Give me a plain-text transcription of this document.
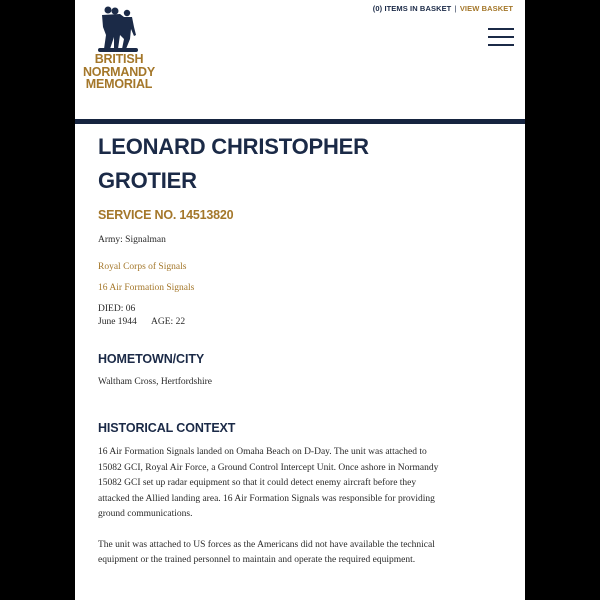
BRITISH
NORMANDY
MEMORIAL
(0) ITEMS IN BASKET | VIEW BASKET
LEONARD CHRISTOPHER
GROTIER
SERVICE NO. 14513820

Army: Signalman

Royal Corps of Signals

16 Air Formation Signals

DIED: 06

June 1944 AGE: 22

HOMETOWN/CITY

Waltham Cross, Hertfordshire

HISTORICAL CONTEXT

16 Air Formation Signals landed on Omaha Beach on D-Day. The unit was attached to 15082 GCI, Royal Air Force, a Ground Control Intercept Unit. Once ashore in Normandy 15082 GCI set up radar equipment so that it could detect enemy aircraft before they attacked the Allied landing area. 16 Air Formation Signals was responsible for providing ground communications.

The unit was attached to US forces as the Americans did not have available the technical equipment or the trained personnel to maintain and operate the required equipment.
